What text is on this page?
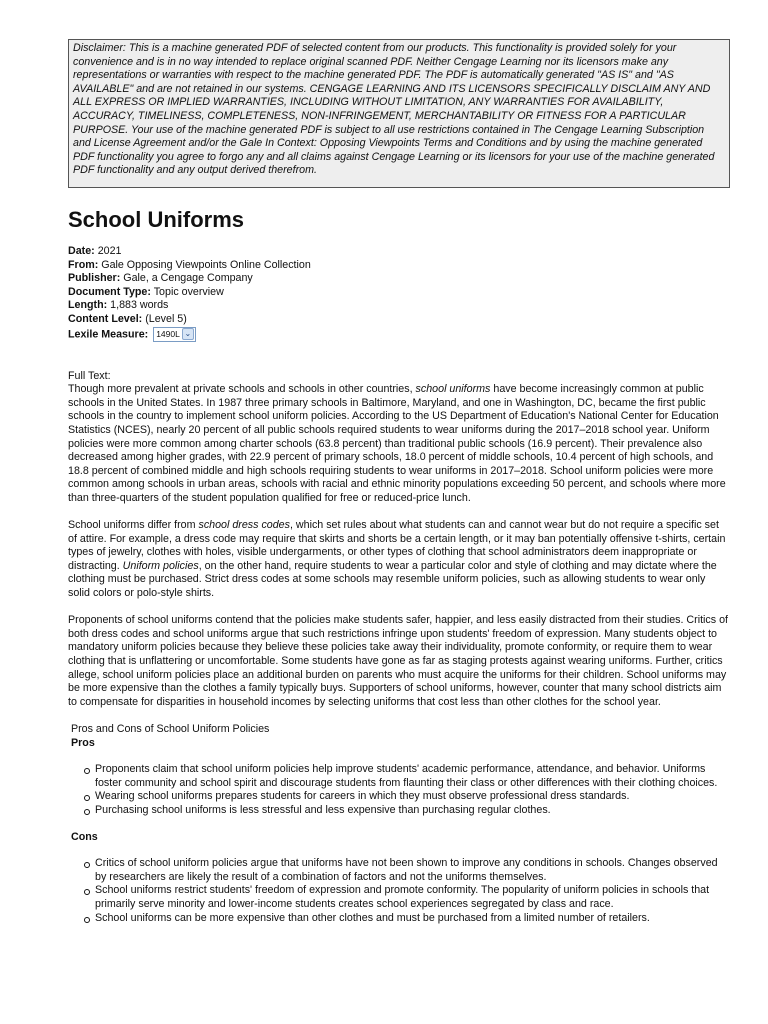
Disclaimer: This is a machine generated PDF of selected content from our products. This functionality is provided solely for your convenience and is in no way intended to replace original scanned PDF. Neither Cengage Learning nor its licensors make any representations or warranties with respect to the machine generated PDF. The PDF is automatically generated "AS IS" and "AS AVAILABLE" and are not retained in our systems. CENGAGE LEARNING AND ITS LICENSORS SPECIFICALLY DISCLAIM ANY AND ALL EXPRESS OR IMPLIED WARRANTIES, INCLUDING WITHOUT LIMITATION, ANY WARRANTIES FOR AVAILABILITY, ACCURACY, TIMELINESS, COMPLETENESS, NON-INFRINGEMENT, MERCHANTABILITY OR FITNESS FOR A PARTICULAR PURPOSE. Your use of the machine generated PDF is subject to all use restrictions contained in The Cengage Learning Subscription and License Agreement and/or the Gale In Context: Opposing Viewpoints Terms and Conditions and by using the machine generated PDF functionality you agree to forgo any and all claims against Cengage Learning or its licensors for your use of the machine generated PDF functionality and any output derived therefrom.
School Uniforms

Date: 2021

From: Gale Opposing Viewpoints Online Collection

Publisher: Gale, a Cengage Company

Document Type: Topic overview

Length: 1,883 words

Content Level: (Level 5)

Lexile Measure: 1490L ⌄

Full Text:

Though more prevalent at private schools and schools in other countries, school uniforms have become increasingly common at public schools in the United States. In 1987 three primary schools in Baltimore, Maryland, and one in Washington, DC, became the first public schools in the country to implement school uniform policies. According to the US Department of Education's National Center for Education Statistics (NCES), nearly 20 percent of all public schools required students to wear uniforms during the 2017–2018 school year. Uniform policies were more common among charter schools (63.8 percent) than traditional public schools (16.9 percent). Their prevalence also decreased among higher grades, with 22.9 percent of primary schools, 18.0 percent of middle schools, 10.4 percent of high schools, and 18.8 percent of combined middle and high schools requiring students to wear uniforms in 2017–2018. School uniform policies were more common among schools in urban areas, schools with racial and ethnic minority populations exceeding 50 percent, and schools where more than three-quarters of the student population qualified for free or reduced-price lunch.

School uniforms differ from school dress codes, which set rules about what students can and cannot wear but do not require a specific set of attire. For example, a dress code may require that skirts and shorts be a certain length, or it may ban potentially offensive t-shirts, certain types of jewelry, clothes with holes, visible undergarments, or other types of clothing that school administrators deem inappropriate or distracting. Uniform policies, on the other hand, require students to wear a particular color and style of clothing and may dictate where the clothing must be purchased. Strict dress codes at some schools may resemble uniform policies, such as allowing students to wear only solid colors or polo-style shirts.

Proponents of school uniforms contend that the policies make students safer, happier, and less easily distracted from their studies. Critics of both dress codes and school uniforms argue that such restrictions infringe upon students' freedom of expression. Many students object to mandatory uniform policies because they believe these policies take away their individuality, promote conformity, or require them to wear clothing that is unflattering or uncomfortable. Some students have gone as far as staging protests against wearing uniforms. Further, critics allege, school uniform policies place an additional burden on parents who must acquire the uniforms for their children. School uniforms may be more expensive than the clothes a family typically buys. Supporters of school uniforms, however, counter that many school districts aim to compensate for disparities in household incomes by selecting uniforms that cost less than other clothes for the school year.

Pros and Cons of School Uniform Policies
Pros
Proponents claim that school uniform policies help improve students' academic performance, attendance, and behavior. Uniforms foster community and school spirit and discourage students from flaunting their class or other differences with their clothing choices.
Wearing school uniforms prepares students for careers in which they must observe professional dress standards.
Purchasing school uniforms is less stressful and less expensive than purchasing regular clothes.
Cons
Critics of school uniform policies argue that uniforms have not been shown to improve any conditions in schools. Changes observed by researchers are likely the result of a combination of factors and not the uniforms themselves.
School uniforms restrict students' freedom of expression and promote conformity. The popularity of uniform policies in schools that primarily serve minority and lower-income students creates school experiences segregated by class and race.
School uniforms can be more expensive than other clothes and must be purchased from a limited number of retailers.
